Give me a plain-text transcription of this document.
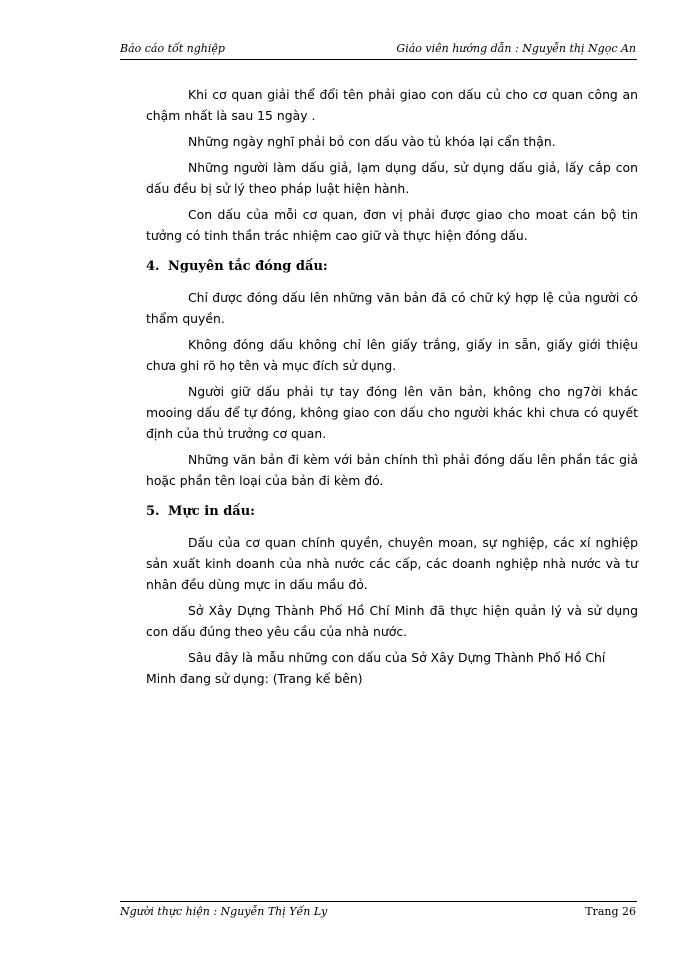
Báo cáo tốt nghiệp	Giáo viên hướng dẫn : Nguyễn thị Ngọc An

Khi cơ quan giải thể đổi tên phải giao con dấu củ cho cơ quan công an chậm nhất là sau 15 ngày .

Những ngày nghĩ phải bỏ con dấu vào tủ khóa lại cẩn thận.

Những người làm dấu giả, lạm dụng dấu, sử dụng dấu giả, lấy cắp con dấu đều bị sử lý theo pháp luật hiện hành.

Con dấu của mỗi cơ quan, đơn vị phải được giao cho moat cán bộ tin tưởng có tinh thần trác nhiệm cao giữ và thực hiện đóng dấu.

4. Nguyên tắc đóng dấu:

Chỉ được đóng dấu lên những văn bản đã có chữ ký hợp lệ của người có thẩm quyền.

Không đóng dấu không chỉ lên giấy trắng, giấy in sẵn, giấy giới thiệu chưa ghi rõ họ tên và mục đích sử dụng.

Người giữ dấu phải tự tay đóng lên văn bản, không cho ng7ời khác mooing dấu để tự đóng, không giao con dấu cho người khác khi chưa có quyết định của thủ trưởng cơ quan.

Những văn bản đi kèm với bản chính thì phải đóng dấu lên phần tác giả hoặc phần tên loại của bản đi kèm đó.

5. Mực in dấu:

Dấu của cơ quan chính quyền, chuyên moan, sự nghiệp, các xí nghiệp sản xuất kinh doanh của nhà nước các cấp, các doanh nghiệp nhà nước và tư nhân đều dùng mực in dấu mầu đỏ.

Sở Xây Dựng Thành Phố Hồ Chí Minh đã thực hiện quản lý và sử dụng con dấu đúng theo yêu cầu của nhà nước.

Sâu đây là mẫu những con dấu của Sở Xây Dựng Thành Phố Hồ Chí Minh đang sử dụng: (Trang kế bên)

Người thực hiện : Nguyễn Thị Yến Ly	Trang 26
